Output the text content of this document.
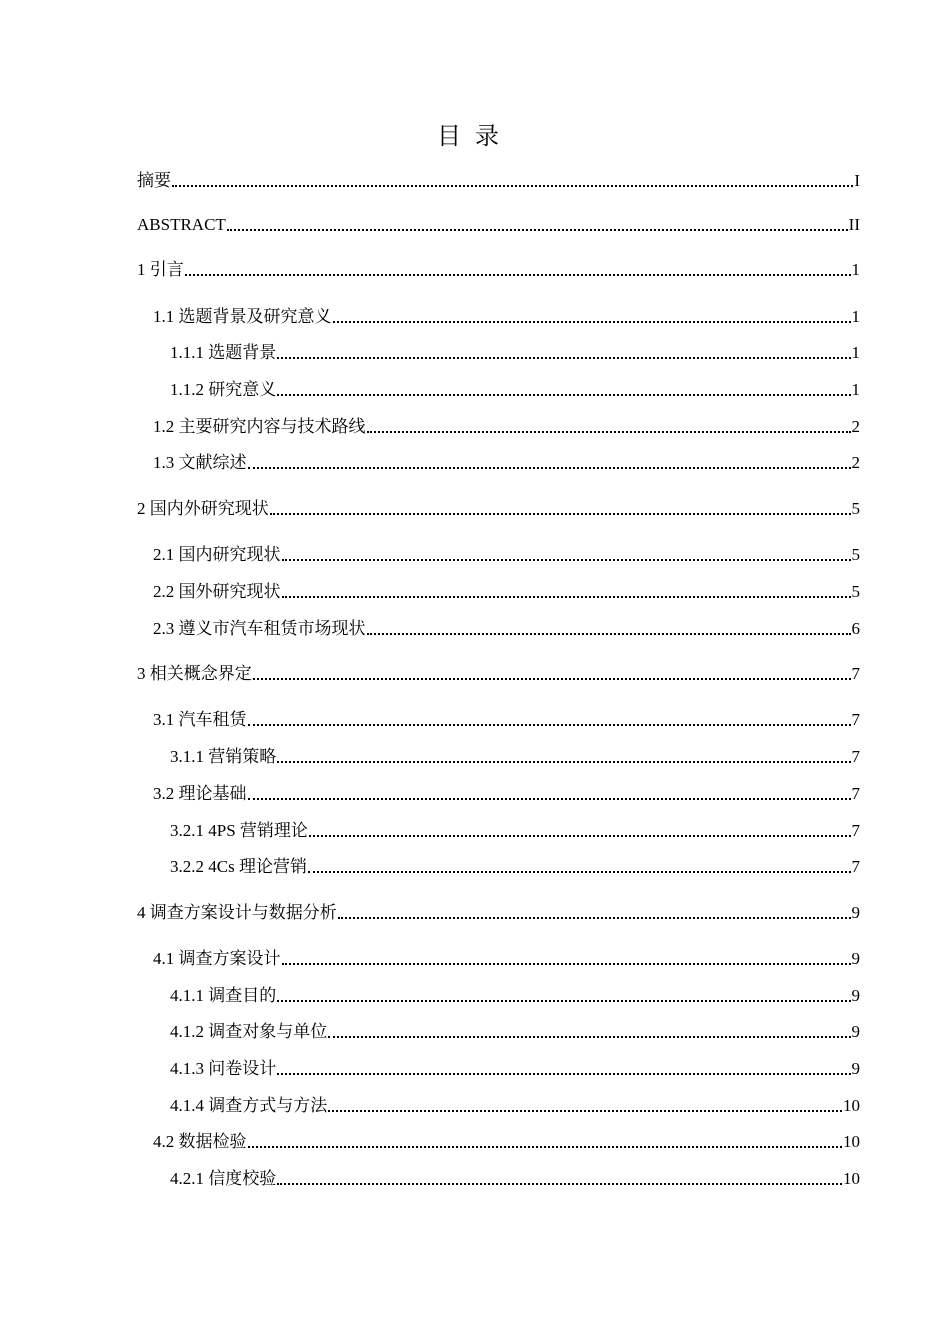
目录
摘要	I
ABSTRACT	II
1 引言	1
1.1 选题背景及研究意义	1
1.1.1 选题背景	1
1.1.2 研究意义	1
1.2 主要研究内容与技术路线	2
1.3 文献综述	2
2 国内外研究现状	5
2.1 国内研究现状	5
2.2 国外研究现状	5
2.3 遵义市汽车租赁市场现状	6
3 相关概念界定	7
3.1 汽车租赁	7
3.1.1 营销策略	7
3.2 理论基础	7
3.2.1 4PS 营销理论	7
3.2.2 4Cs 理论营销	7
4 调查方案设计与数据分析	9
4.1 调查方案设计	9
4.1.1 调查目的	9
4.1.2 调查对象与单位	9
4.1.3 问卷设计	9
4.1.4 调查方式与方法	10
4.2 数据检验	10
4.2.1 信度校验	10
